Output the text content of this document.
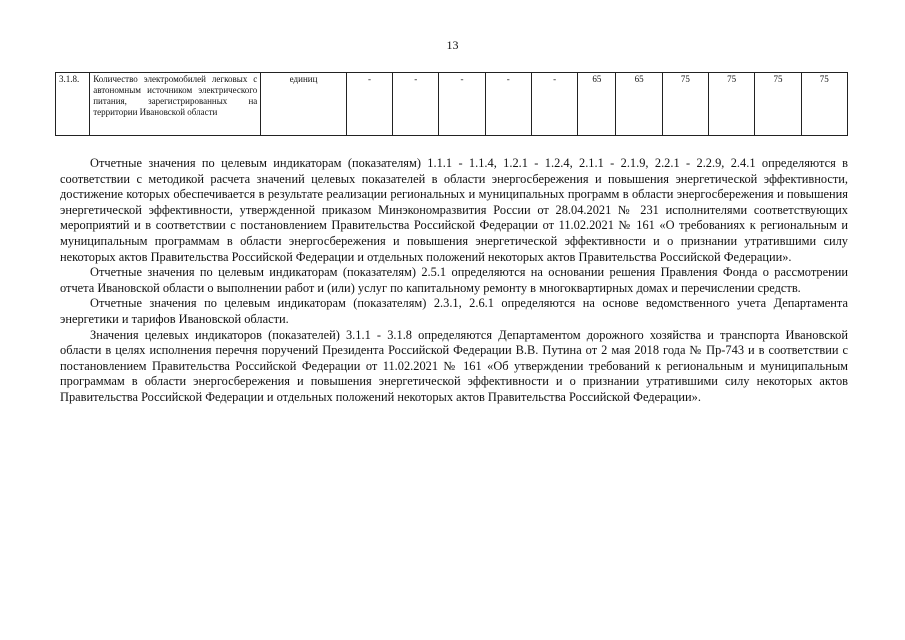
13
3.1.8.	Количество электромобилей легковых с автономным источником электрического питания, зарегистрированных на территории Ивановской области	единиц	-	-	-	-	-	65	65	75	75	75	75

Отчетные значения по целевым индикаторам (показателям) 1.1.1 - 1.1.4, 1.2.1 - 1.2.4, 2.1.1 - 2.1.9, 2.2.1 - 2.2.9, 2.4.1 определяются в соответствии с методикой расчета значений целевых показателей в области энергосбережения и повышения энергетической эффективности, достижение которых обеспечивается в результате реализации региональных и муниципальных программ в области энергосбережения и повышения энергетической эффективности, утвержденной приказом Минэкономразвития России от 28.04.2021 № 231 исполнителями соответствующих мероприятий и в соответствии с постановлением Правительства Российской Федерации от 11.02.2021 № 161 «О требованиях к региональным и муниципальным программам в области энергосбережения и повышения энергетической эффективности и о признании утратившими силу некоторых актов Правительства Российской Федерации и отдельных положений некоторых актов Правительства Российской Федерации».

Отчетные значения по целевым индикаторам (показателям) 2.5.1 определяются на основании решения Правления Фонда о рассмотрении отчета Ивановской области о выполнении работ и (или) услуг по капитальному ремонту в многоквартирных домах и перечислении средств.

Отчетные значения по целевым индикаторам (показателям) 2.3.1, 2.6.1 определяются на основе ведомственного учета Департамента энергетики и тарифов Ивановской области.

Значения целевых индикаторов (показателей) 3.1.1 - 3.1.8 определяются Департаментом дорожного хозяйства и транспорта Ивановской области в целях исполнения перечня поручений Президента Российской Федерации В.В. Путина от 2 мая 2018 года № Пр-743 и в соответствии с постановлением Правительства Российской Федерации от 11.02.2021 № 161 «Об утверждении требований к региональным и муниципальным программам в области энергосбережения и повышения энергетической эффективности и о признании утратившими силу некоторых актов Правительства Российской Федерации и отдельных положений некоторых актов Правительства Российской Федерации».
